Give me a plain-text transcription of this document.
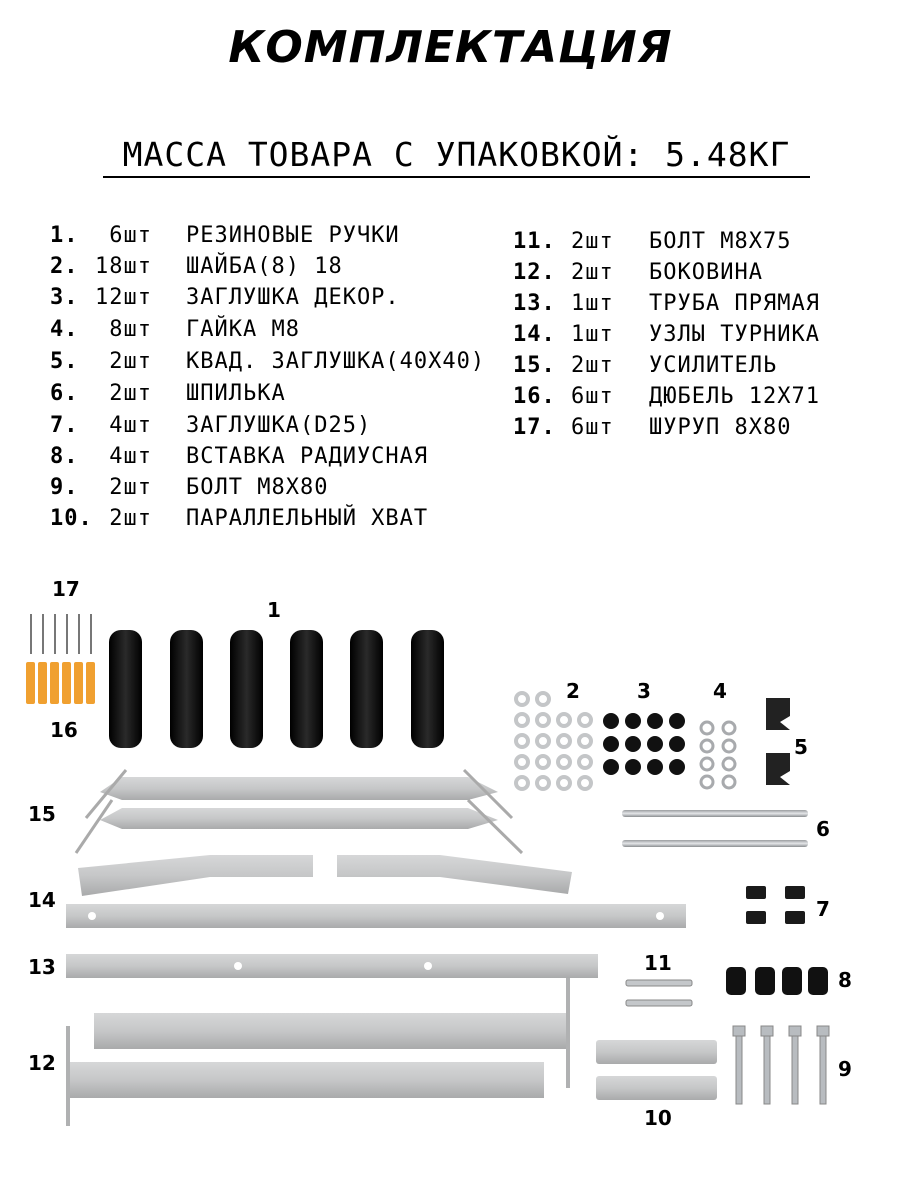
КОМПЛЕКТАЦИЯ
МАССА ТОВАРА С УПАКОВКОЙ: 5.48КГ
1.	6шт РЕЗИНОВЫЕ РУЧКИ
2. 18шт ШАЙБА(8) 18
3. 12шт ЗАГЛУШКА ДЕКОР.
4.	8шт ГАЙКА М8
5.	2шт КВАД. ЗАГЛУШКА(40Х40)
6.	2шт ШПИЛЬКА
7.	4шт ЗАГЛУШКА(D25)
8.	4шт ВСТАВКА РАДИУСНАЯ
9.	2шт БОЛТ М8Х80
10. 2шт ПАРАЛЛЕЛЬНЫЙ ХВАТ
11. 2шт БОЛТ М8Х75
12. 2шт БОКОВИНА
13. 1шт ТРУБА ПРЯМАЯ
14. 1шт УЗЛЫ ТУРНИКА
15. 2шт УСИЛИТЕЛЬ
16. 6шт ДЮБЕЛЬ 12Х71
17. 6шт ШУРУП 8Х80
17
16
1
2	3	4
5
6
7
8
9
10
11
12
13
14
15
